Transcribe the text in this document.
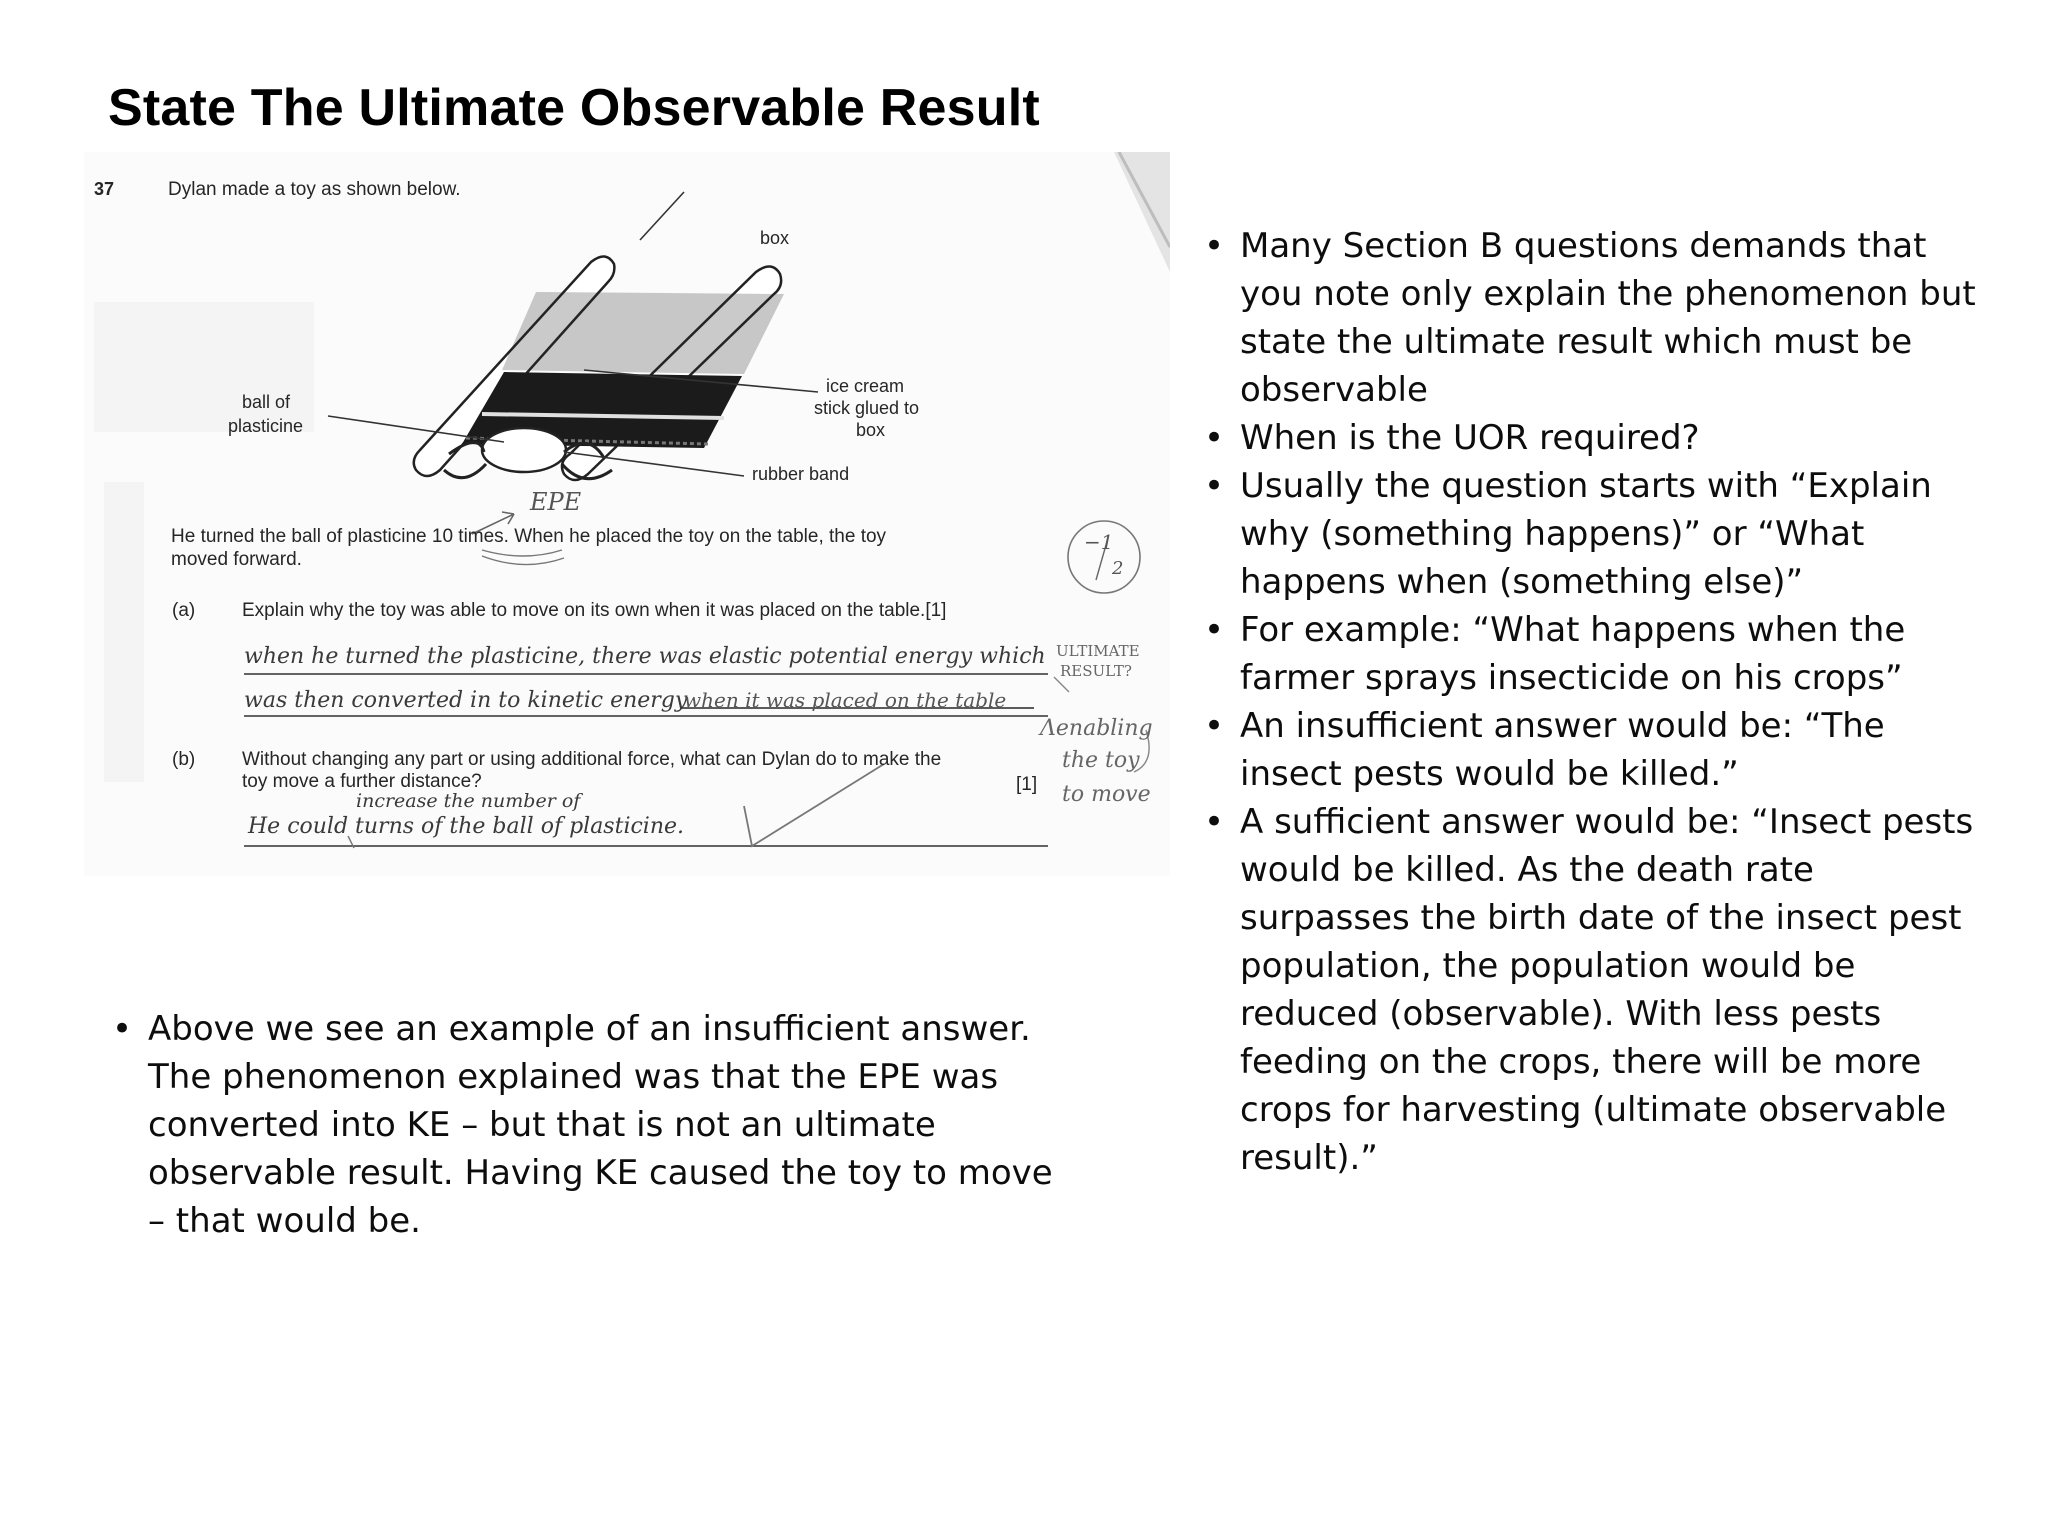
State The Ultimate Observable Result
37	Dylan made a toy as shown below.
box
ice cream
stick glued to
box
ball of
plasticine
rubber band
He turned the ball of plasticine 10 times. When he placed the toy on the table, the toy
moved forward.
(a) Explain why the toy was able to move on its own when it was placed on the table.[1]
when he turned the plasticine, there was elastic potential energy which
was then converted in to kinetic energy
when it was placed on the table
(b) Without changing any part or using additional force, what can Dylan do to make the
toy move a further distance?	[1]
increase the number of
He could turns of the ball of plasticine.
EPE
−1
2
ULTIMATE
RESULT?
Λenabling
the toy
to move
• Many Section B questions demands that you note only explain the phenomenon but state the ultimate result which must be observable
• When is the UOR required?
• Usually the question starts with “Explain why (something happens)” or “What happens when (something else)”
• For example: “What happens when the farmer sprays insecticide on his crops”
• An insufficient answer would be: “The insect pests would be killed.”
• A sufficient answer would be: “Insect pests would be killed. As the death rate surpasses the birth date of the insect pest population, the population would be reduced (observable). With less pests feeding on the crops, there will be more crops for harvesting (ultimate observable result).”
• Above we see an example of an insufficient answer. The phenomenon explained was that the EPE was converted into KE – but that is not an ultimate observable result. Having KE caused the toy to move – that would be.
